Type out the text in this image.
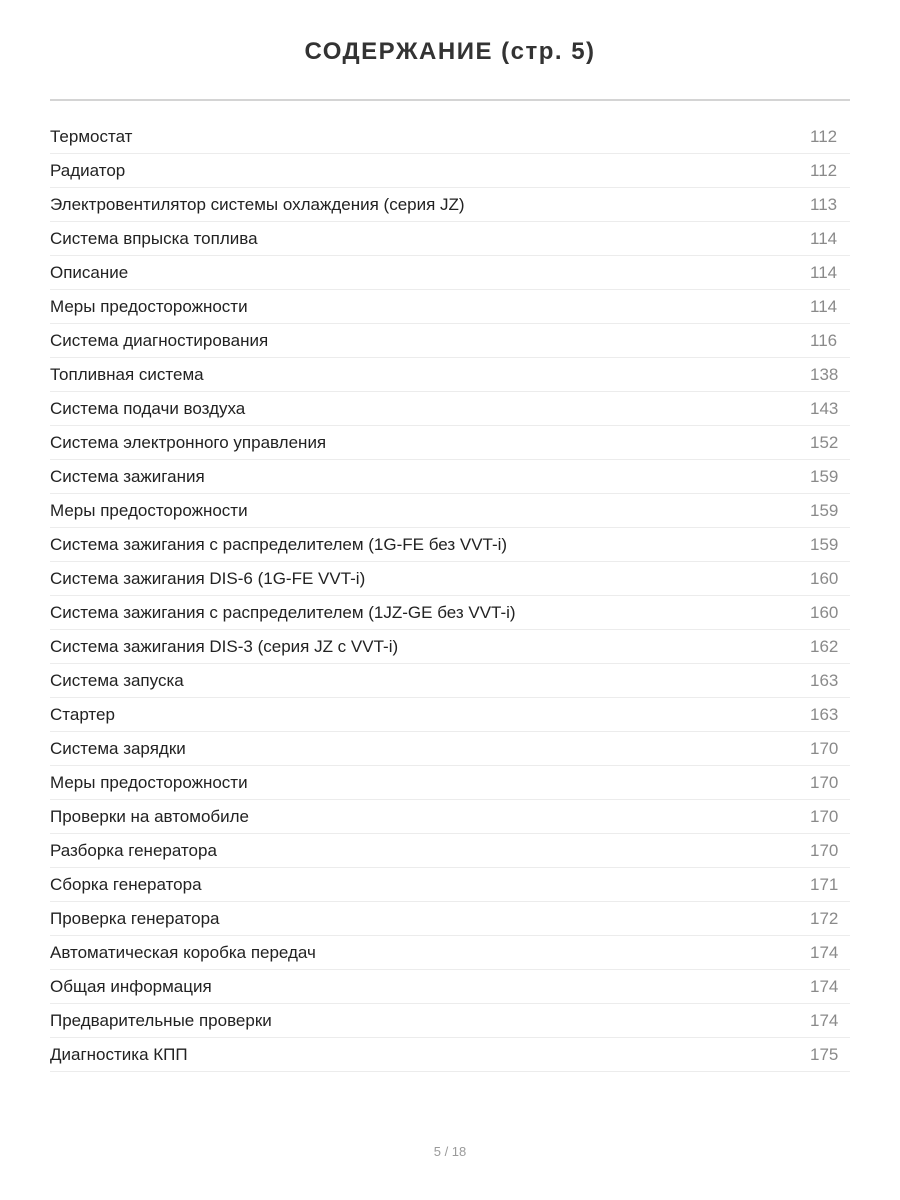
СОДЕРЖАНИЕ (стр. 5)
Термостат	112
Радиатор	112
Электровентилятор системы охлаждения (серия JZ)	113
Система впрыска топлива	114
Описание	114
Меры предосторожности	114
Система диагностирования	116
Топливная система	138
Система подачи воздуха	143
Система электронного управления	152
Система зажигания	159
Меры предосторожности	159
Система зажигания с распределителем (1G-FE без VVT-i)	159
Система зажигания DIS-6 (1G-FE VVT-i)	160
Система зажигания с распределителем (1JZ-GE без VVT-i)	160
Система зажигания DIS-3 (серия JZ с VVT-i)	162
Система запуска	163
Стартер	163
Система зарядки	170
Меры предосторожности	170
Проверки на автомобиле	170
Разборка генератора	170
Сборка генератора	171
Проверка генератора	172
Автоматическая коробка передач	174
Общая информация	174
Предварительные проверки	174
Диагностика КПП	175
5 / 18
